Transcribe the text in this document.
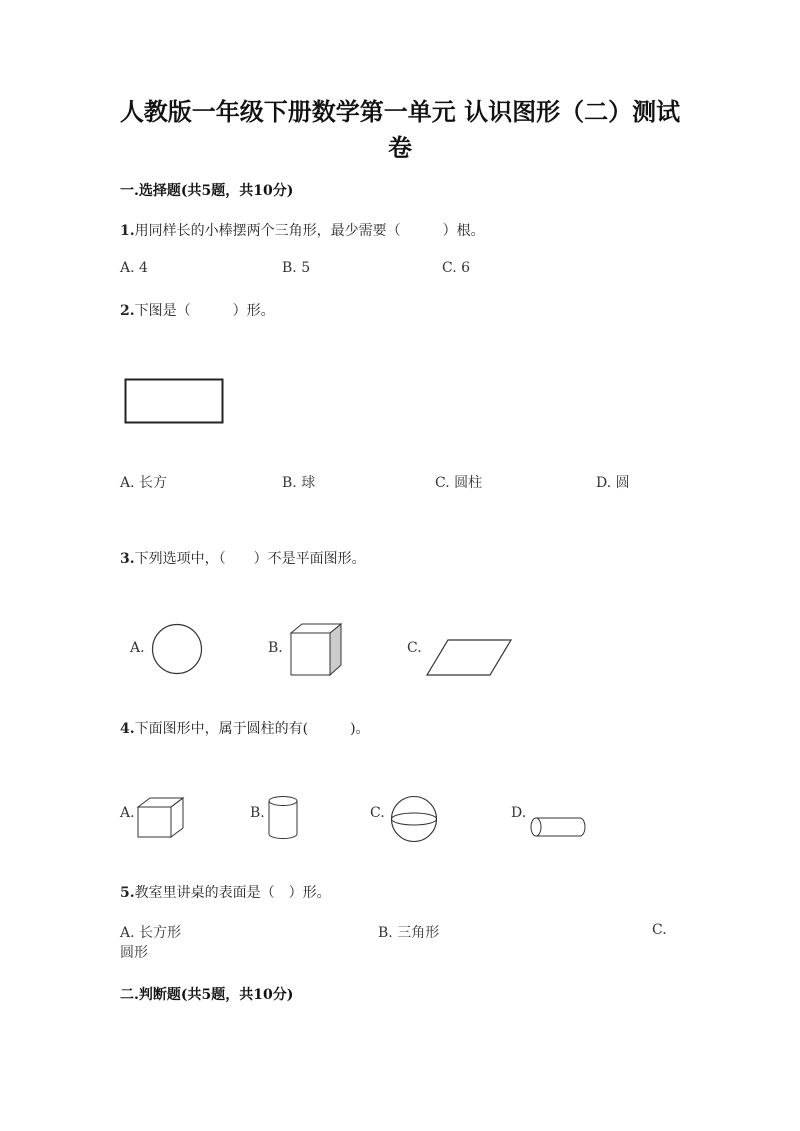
人教版一年级下册数学第一单元 认识图形（二）测试卷
一.选择题(共5题，共10分)
1.用同样长的小棒摆两个三角形，最少需要（　　　）根。
A. 4	B. 5	C. 6
2.下图是（　　　）形。
A. 长方	B. 球	C. 圆柱	D. 圆
3.下列选项中，（　　）不是平面图形。
A.	B.	C.
4.下面图形中，属于圆柱的有(　　　)。
A.	B.	C.	D.
5.教室里讲桌的表面是（　）形。
A. 长方形	B. 三角形	C.
圆形
二.判断题(共5题，共10分)
